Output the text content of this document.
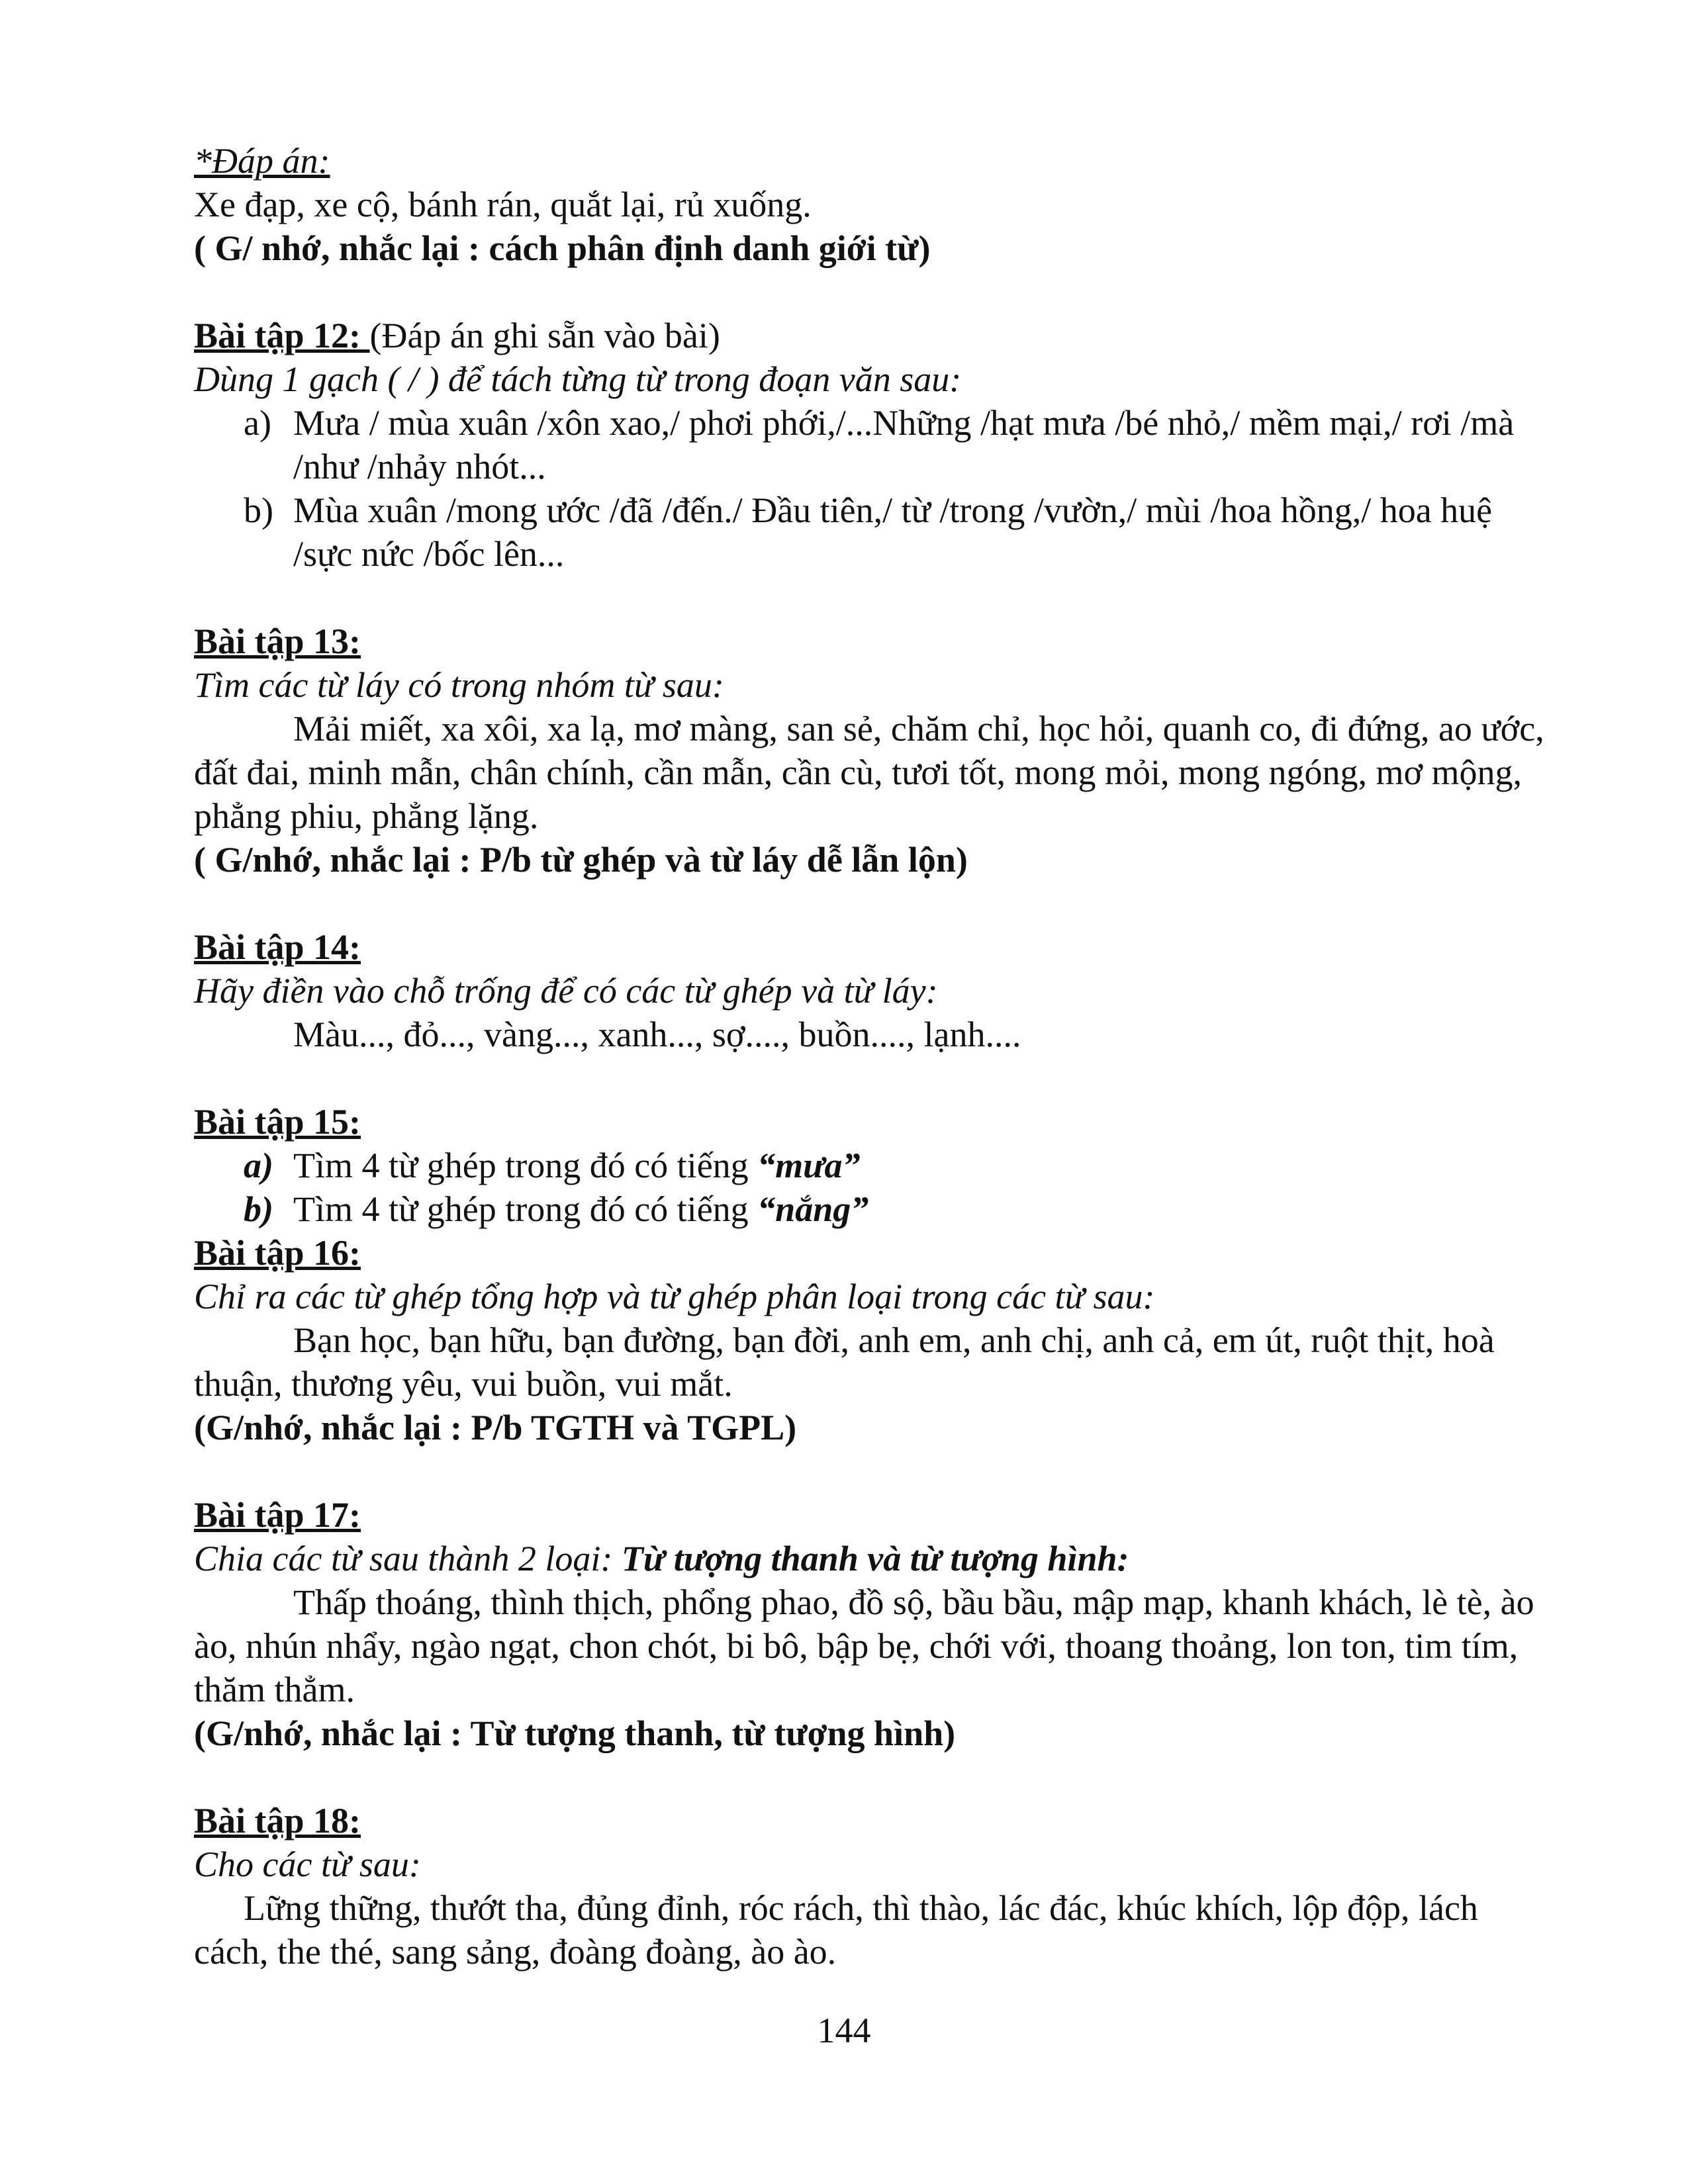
*Đáp án:

Xe đạp, xe cộ, bánh rán, quắt lại, rủ xuống.

( G/ nhớ, nhắc lại : cách phân định danh giới từ)

Bài tập 12: (Đáp án ghi sẵn vào bài)

Dùng 1 gạch ( / ) để tách từng từ trong đoạn văn sau:

a) Mưa / mùa xuân /xôn xao,/ phơi phới,/...Những /hạt mưa /bé nhỏ,/ mềm mại,/ rơi /mà /như /nhảy nhót...
b) Mùa xuân /mong ước /đã /đến./ Đầu tiên,/ từ /trong /vườn,/ mùi /hoa hồng,/ hoa huệ /sực nức /bốc lên...

Bài tập 13:

Tìm các từ láy có trong nhóm từ sau:

Mải miết, xa xôi, xa lạ, mơ màng, san sẻ, chăm chỉ, học hỏi, quanh co, đi đứng, ao ước, đất đai, minh mẫn, chân chính, cần mẫn, cần cù, tươi tốt, mong mỏi, mong ngóng, mơ mộng, phẳng phiu, phẳng lặng.

( G/nhớ, nhắc lại : P/b từ ghép và từ láy dễ lẫn lộn)

Bài tập 14:

Hãy điền vào chỗ trống để có các từ ghép và từ láy:

Màu..., đỏ..., vàng..., xanh..., sợ...., buồn...., lạnh....

Bài tập 15:

a) Tìm 4 từ ghép trong đó có tiếng “mưa”
b) Tìm 4 từ ghép trong đó có tiếng “nắng”

Bài tập 16:

Chỉ ra các từ ghép tổng hợp và từ ghép phân loại trong các từ sau:

Bạn học, bạn hữu, bạn đường, bạn đời, anh em, anh chị, anh cả, em út, ruột thịt, hoà thuận, thương yêu, vui buồn, vui mắt.

(G/nhớ, nhắc lại : P/b TGTH và TGPL)

Bài tập 17:

Chia các từ sau thành 2 loại: Từ tượng thanh và từ tượng hình:

Thấp thoáng, thình thịch, phổng phao, đồ sộ, bầu bầu, mập mạp, khanh khách, lè tè, ào ào, nhún nhẩy, ngào ngạt, chon chót, bi bô, bập bẹ, chới với, thoang thoảng, lon ton, tim tím, thăm thẳm.

(G/nhớ, nhắc lại : Từ tượng thanh, từ tượng hình)

Bài tập 18:

Cho các từ sau:

Lững thững, thướt tha, đủng đỉnh, róc rách, thì thào, lác đác, khúc khích, lộp độp, lách cách, the thé, sang sảng, đoàng đoàng, ào ào.

144
